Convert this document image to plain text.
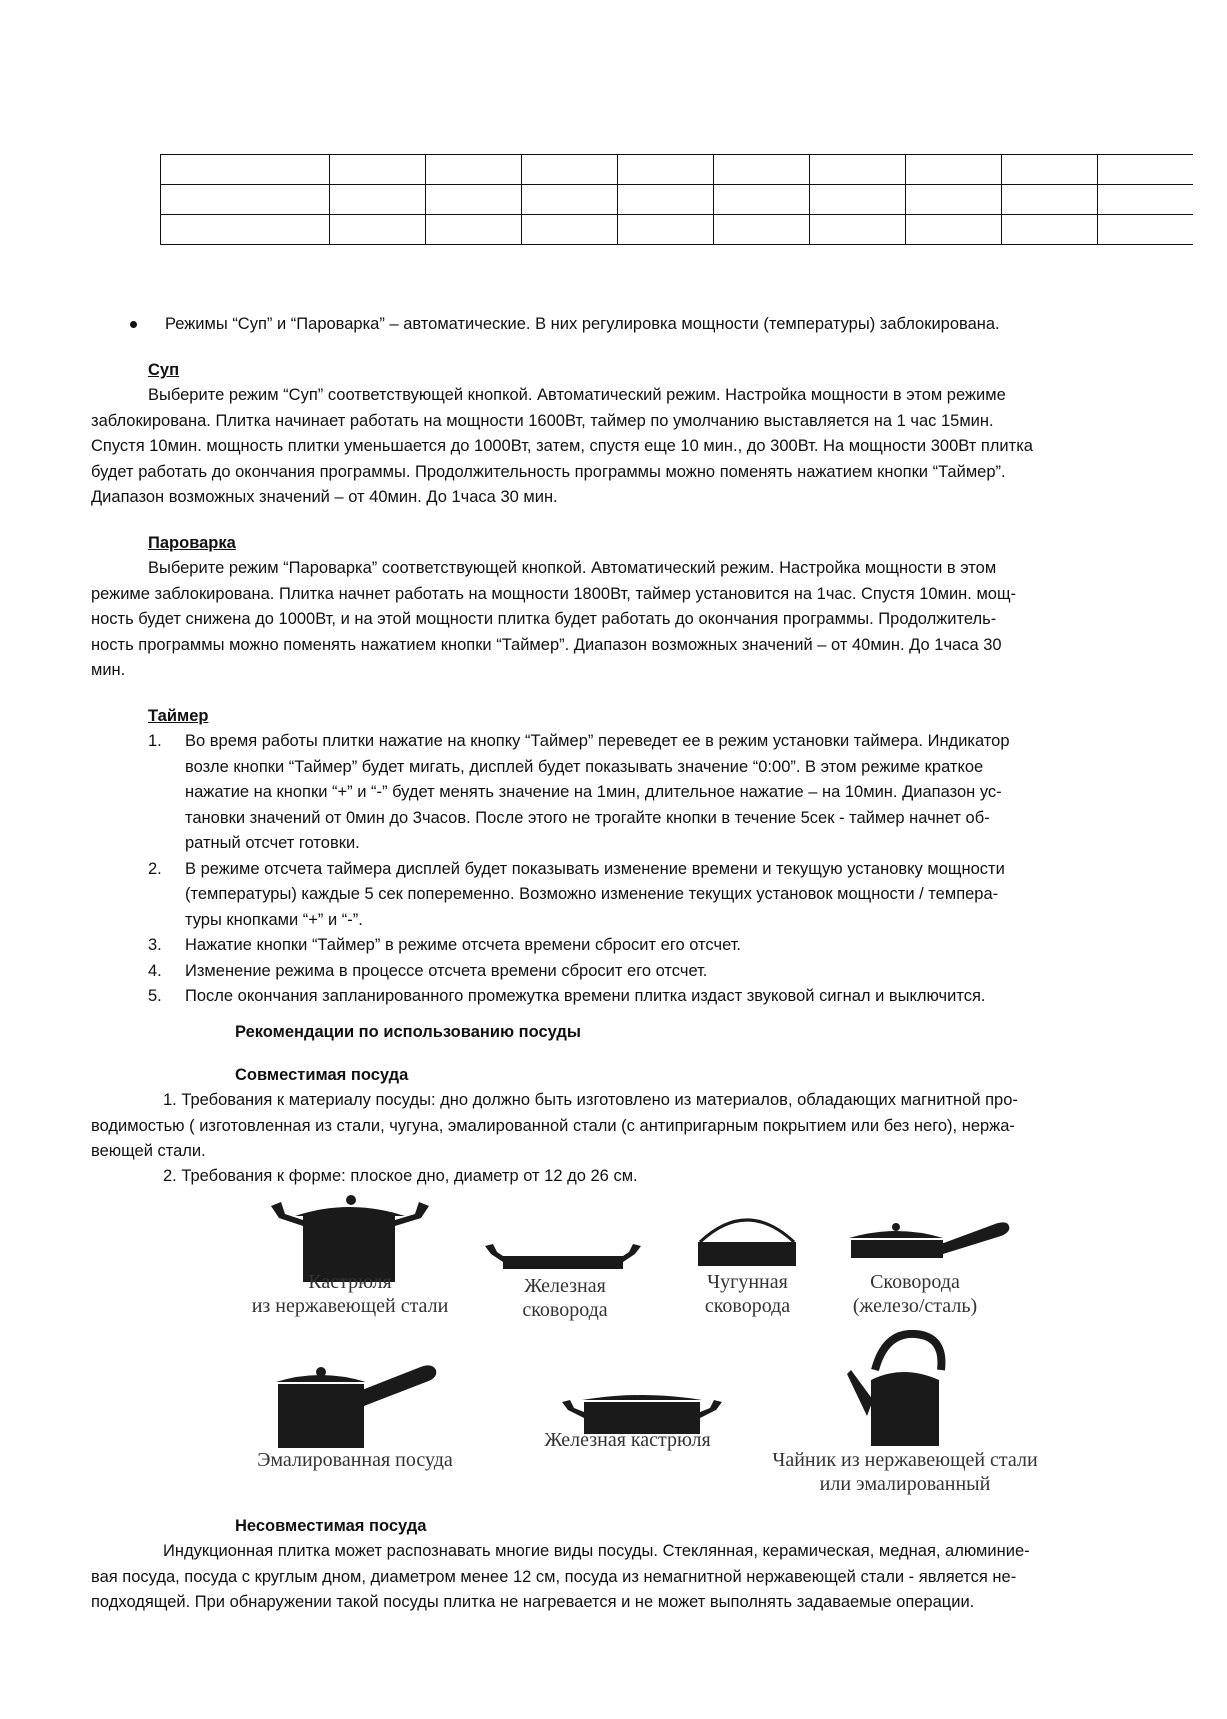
Режимы “Суп” и “Пароварка” – автоматические. В них регулировка мощности (температуры) заблокирована.
Суп
Выберите режим “Суп” соответствующей кнопкой. Автоматический режим. Настройка мощности в этом режиме
заблокирована. Плитка начинает работать на мощности 1600Вт, таймер по умолчанию выставляется на 1 час 15мин.
Спустя 10мин. мощность плитки уменьшается до 1000Вт, затем, спустя еще 10 мин., до 300Вт. На мощности 300Вт плитка
будет работать до окончания программы. Продолжительность программы можно поменять нажатием кнопки “Таймер”.
Диапазон возможных значений – от 40мин. До 1часа 30 мин.
Пароварка
Выберите режим “Пароварка” соответствующей кнопкой. Автоматический режим. Настройка мощности в этом
режиме заблокирована. Плитка начнет работать на мощности 1800Вт, таймер установится на 1час. Спустя 10мин. мощ-
ность будет снижена до 1000Вт, и на этой мощности плитка будет работать до окончания программы. Продолжитель-
ность программы можно поменять нажатием кнопки “Таймер”. Диапазон возможных значений – от 40мин. До 1часа 30
мин.
Таймер
1. Во время работы плитки нажатие на кнопку “Таймер” переведет ее в режим установки таймера. Индикатор
возле кнопки “Таймер” будет мигать, дисплей будет показывать значение “0:00”. В этом режиме краткое
нажатие на кнопки “+” и “-” будет менять значение на 1мин, длительное нажатие – на 10мин. Диапазон ус-
тановки значений от 0мин до 3часов. После этого не трогайте кнопки в течение 5сек - таймер начнет об-
ратный отсчет готовки.
2. В режиме отсчета таймера дисплей будет показывать изменение времени и текущую установку мощности
(температуры) каждые 5 сек попеременно. Возможно изменение текущих установок мощности / темпера-
туры кнопками “+” и “-”.
3. Нажатие кнопки “Таймер” в режиме отсчета времени сбросит его отсчет.
4. Изменение режима в процессе отсчета времени сбросит его отсчет.
5. После окончания запланированного промежутка времени плитка издаст звуковой сигнал и выключится.
Рекомендации по использованию посуды
Совместимая посуда
1. Требования к материалу посуды: дно должно быть изготовлено из материалов, обладающих магнитной про-
водимостью ( изготовленная из стали, чугуна, эмалированной стали (с антипригарным покрытием или без него), нержа-
веющей стали.
2. Требования к форме: плоское дно, диаметр от 12 до 26 см.
Кастрюля
из нержавеющей стали
Железная
сковорода
Чугунная
сковорода
Сковорода
(железо/сталь)
Эмалированная посуда
Железная кастрюля
Чайник из нержавеющей стали
или эмалированный
Несовместимая посуда
Индукционная плитка может распознавать многие виды посуды. Стеклянная, керамическая, медная, алюминие-
вая посуда, посуда с круглым дном, диаметром менее 12 см, посуда из немагнитной нержавеющей стали - является не-
подходящей. При обнаружении такой посуды плитка не нагревается и не может выполнять задаваемые операции.
